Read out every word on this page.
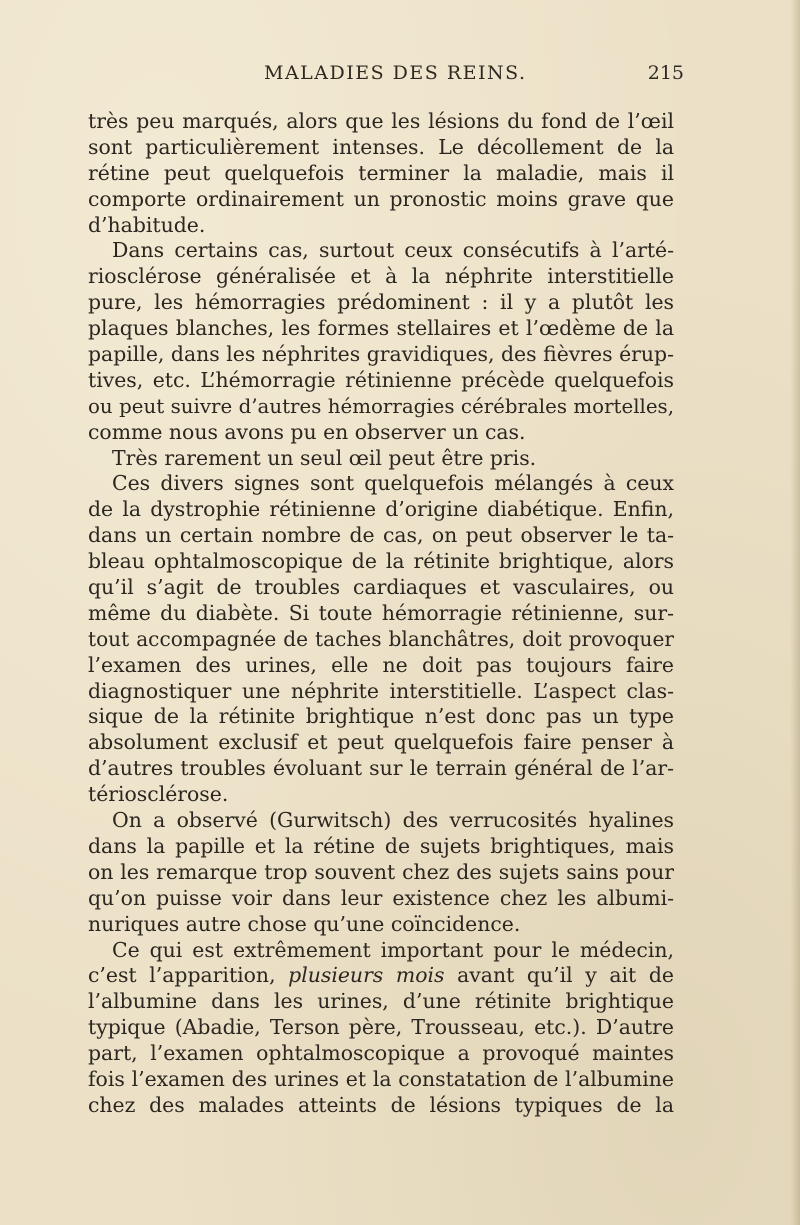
MALADIES DES REINS.	215
très peu marqués, alors que les lésions du fond de l’œil
sont particulièrement intenses. Le décollement de la
rétine peut quelquefois terminer la maladie, mais il
comporte ordinairement un pronostic moins grave que
d’habitude.
Dans certains cas, surtout ceux consécutifs à l’arté-
riosclérose généralisée et à la néphrite interstitielle
pure, les hémorragies prédominent : il y a plutôt les
plaques blanches, les formes stellaires et l’œdème de la
papille, dans les néphrites gravidiques, des fièvres érup-
tives, etc. L’hémorragie rétinienne précède quelquefois
ou peut suivre d’autres hémorragies cérébrales mortelles,
comme nous avons pu en observer un cas.
Très rarement un seul œil peut être pris.
Ces divers signes sont quelquefois mélangés à ceux
de la dystrophie rétinienne d’origine diabétique. Enfin,
dans un certain nombre de cas, on peut observer le ta-
bleau ophtalmoscopique de la rétinite brightique, alors
qu’il s’agit de troubles cardiaques et vasculaires, ou
même du diabète. Si toute hémorragie rétinienne, sur-
tout accompagnée de taches blanchâtres, doit provoquer
l’examen des urines, elle ne doit pas toujours faire
diagnostiquer une néphrite interstitielle. L’aspect clas-
sique de la rétinite brightique n’est donc pas un type
absolument exclusif et peut quelquefois faire penser à
d’autres troubles évoluant sur le terrain général de l’ar-
tériosclérose.
On a observé (Gurwitsch) des verrucosités hyalines
dans la papille et la rétine de sujets brightiques, mais
on les remarque trop souvent chez des sujets sains pour
qu’on puisse voir dans leur existence chez les albumi-
nuriques autre chose qu’une coïncidence.
Ce qui est extrêmement important pour le médecin,
c’est l’apparition, plusieurs mois avant qu’il y ait de
l’albumine dans les urines, d’une rétinite brightique
typique (Abadie, Terson père, Trousseau, etc.). D’autre
part, l’examen ophtalmoscopique a provoqué maintes
fois l’examen des urines et la constatation de l’albumine
chez des malades atteints de lésions typiques de la
